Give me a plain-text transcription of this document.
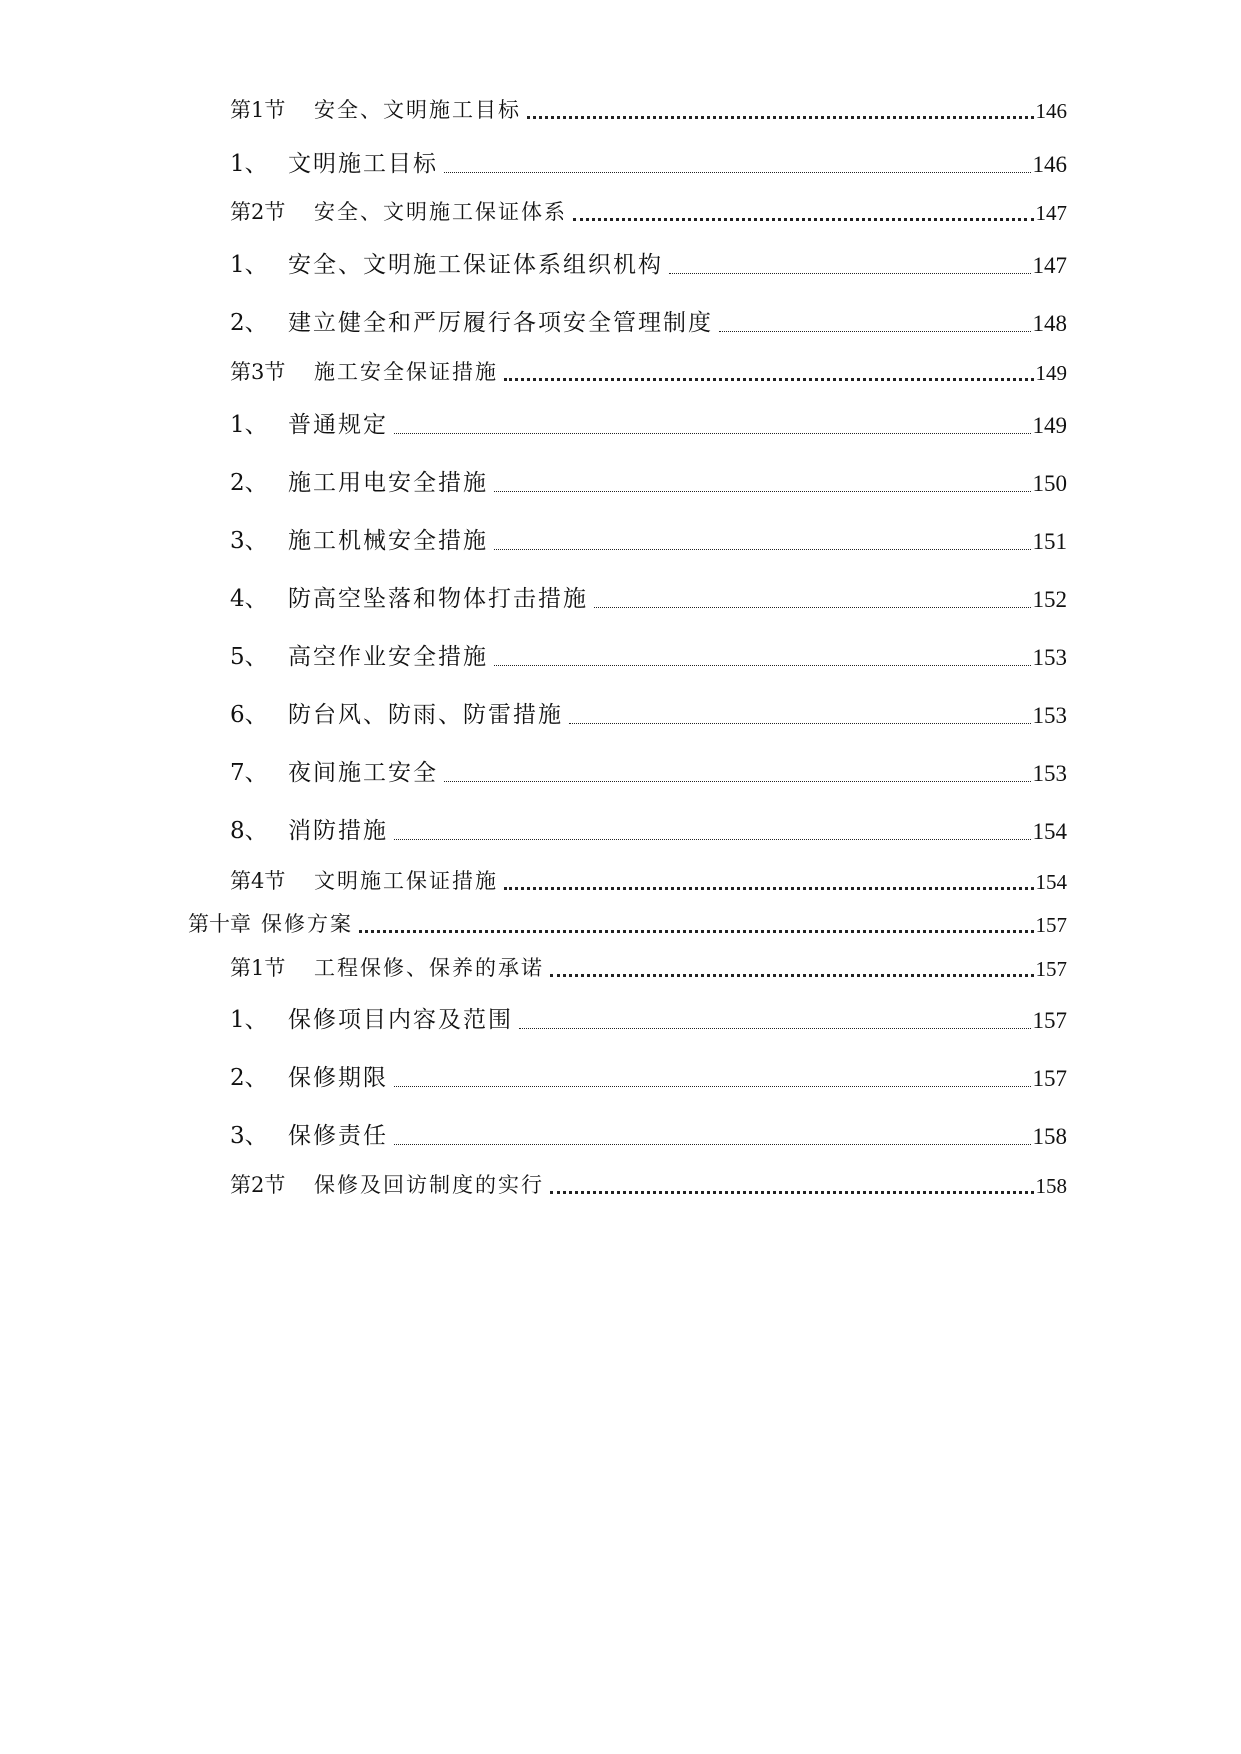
第1节	安全、文明施工目标	146
1、 文明施工目标	146
第2节	安全、文明施工保证体系	147
1、 安全、文明施工保证体系组织机构	147
2、 建立健全和严厉履行各项安全管理制度	148
第3节	施工安全保证措施	149
1、 普通规定	149
2、 施工用电安全措施	150
3、 施工机械安全措施	151
4、 防高空坠落和物体打击措施	152
5、 高空作业安全措施	153
6、 防台风、防雨、防雷措施	153
7、 夜间施工安全	153
8、 消防措施	154
第4节	文明施工保证措施	154
第十章 保修方案	157
第1节	工程保修、保养的承诺	157
1、 保修项目内容及范围	157
2、 保修期限	157
3、 保修责任	158
第2节	保修及回访制度的实行	158
